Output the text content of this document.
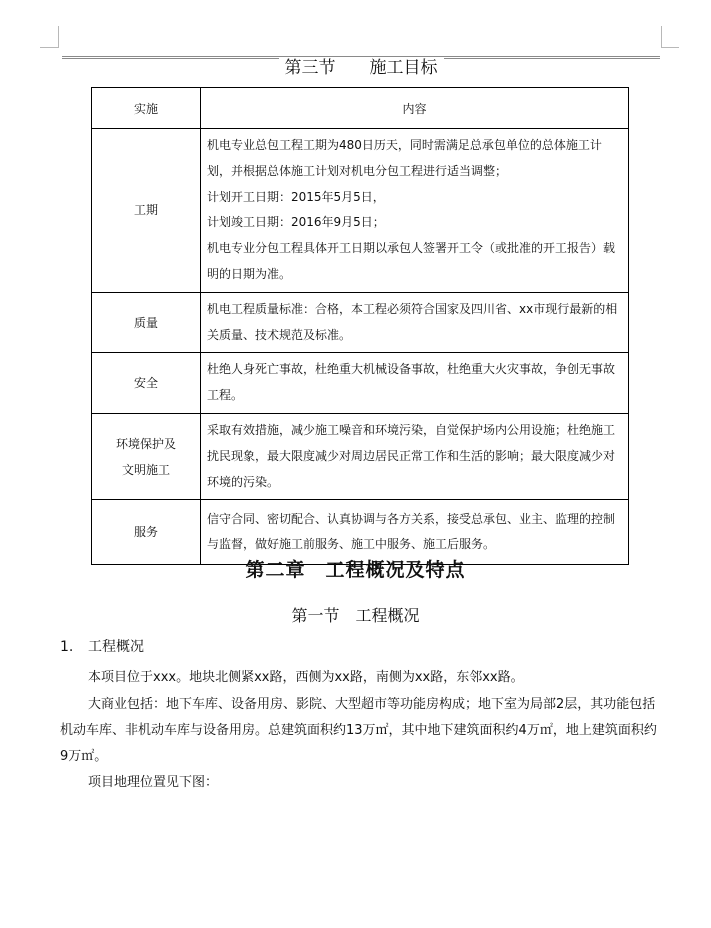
第三节　　施工目标
实施	内容
工期	机电专业总包工程工期为480日历天，同时需满足总承包单位的总体施工计划，并根据总体施工计划对机电分包工程进行适当调整；
计划开工日期：2015年5月5日，
计划竣工日期：2016年9月5日；
机电专业分包工程具体开工日期以承包人签署开工令（或批准的开工报告）载明的日期为准。

质量	机电工程质量标准：合格，本工程必须符合国家及四川省、xx市现行最新的相关质量、技术规范及标准。

安全	杜绝人身死亡事故，杜绝重大机械设备事故，杜绝重大火灾事故，争创无事故工程。

环境保护及
文明施工	采取有效措施，减少施工噪音和环境污染，自觉保护场内公用设施；杜绝施工扰民现象，最大限度减少对周边居民正常工作和生活的影响；最大限度减少对环境的污染。

服务	信守合同、密切配合、认真协调与各方关系，接受总承包、业主、监理的控制与监督，做好施工前服务、施工中服务、施工后服务。
第二章　工程概况及特点
第一节　工程概况
1. 工程概况
本项目位于xxx。地块北侧紧xx路，西侧为xx路，南侧为xx路，东邻xx路。
大商业包括：地下车库、设备用房、影院、大型超市等功能房构成；地下室为局部2层，其功能包括机动车库、非机动车库与设备用房。总建筑面积约13万㎡，其中地下建筑面积约4万㎡，地上建筑面积约9万㎡。
项目地理位置见下图：
